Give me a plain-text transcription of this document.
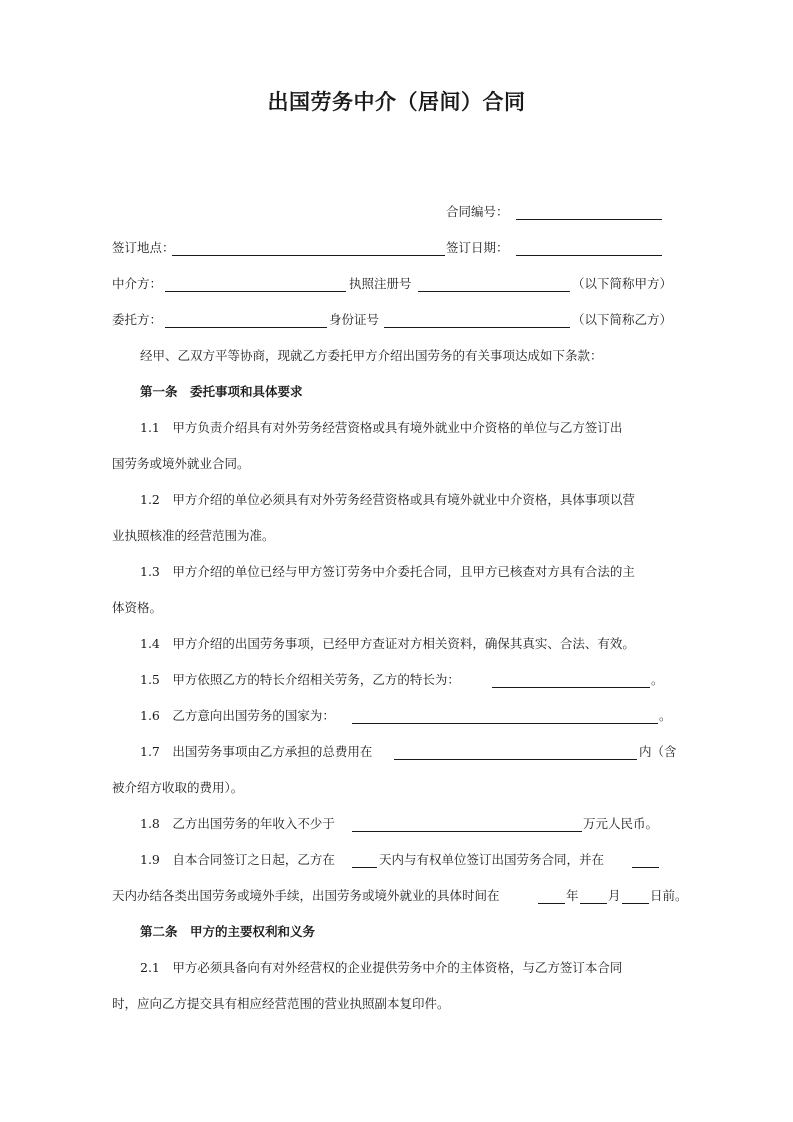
出国劳务中介（居间）合同
合同编号：
签订地点：	签订日期：
中介方：	执照注册号	（以下简称甲方）
委托方：	身份证号	（以下简称乙方）
经甲、乙双方平等协商，现就乙方委托甲方介绍出国劳务的有关事项达成如下条款：
第一条　委托事项和具体要求
1.1　甲方负责介绍具有对外劳务经营资格或具有境外就业中介资格的单位与乙方签订出
国劳务或境外就业合同。
1.2　甲方介绍的单位必须具有对外劳务经营资格或具有境外就业中介资格，具体事项以营
业执照核准的经营范围为准。
1.3　甲方介绍的单位已经与甲方签订劳务中介委托合同，且甲方已核查对方具有合法的主
体资格。
1.4　甲方介绍的出国劳务事项，已经甲方查证对方相关资料，确保其真实、合法、有效。
1.5　甲方依照乙方的特长介绍相关劳务，乙方的特长为：	。
1.6　乙方意向出国劳务的国家为：	。
1.7　出国劳务事项由乙方承担的总费用在	内（含
被介绍方收取的费用）。
1.8　乙方出国劳务的年收入不少于	万元人民币。
1.9　自本合同签订之日起，乙方在	天内与有权单位签订出国劳务合同，并在
天内办结各类出国劳务或境外手续，出国劳务或境外就业的具体时间在	年 月 日前。
第二条　甲方的主要权利和义务
2.1　甲方必须具备向有对外经营权的企业提供劳务中介的主体资格，与乙方签订本合同
时，应向乙方提交具有相应经营范围的营业执照副本复印件。
